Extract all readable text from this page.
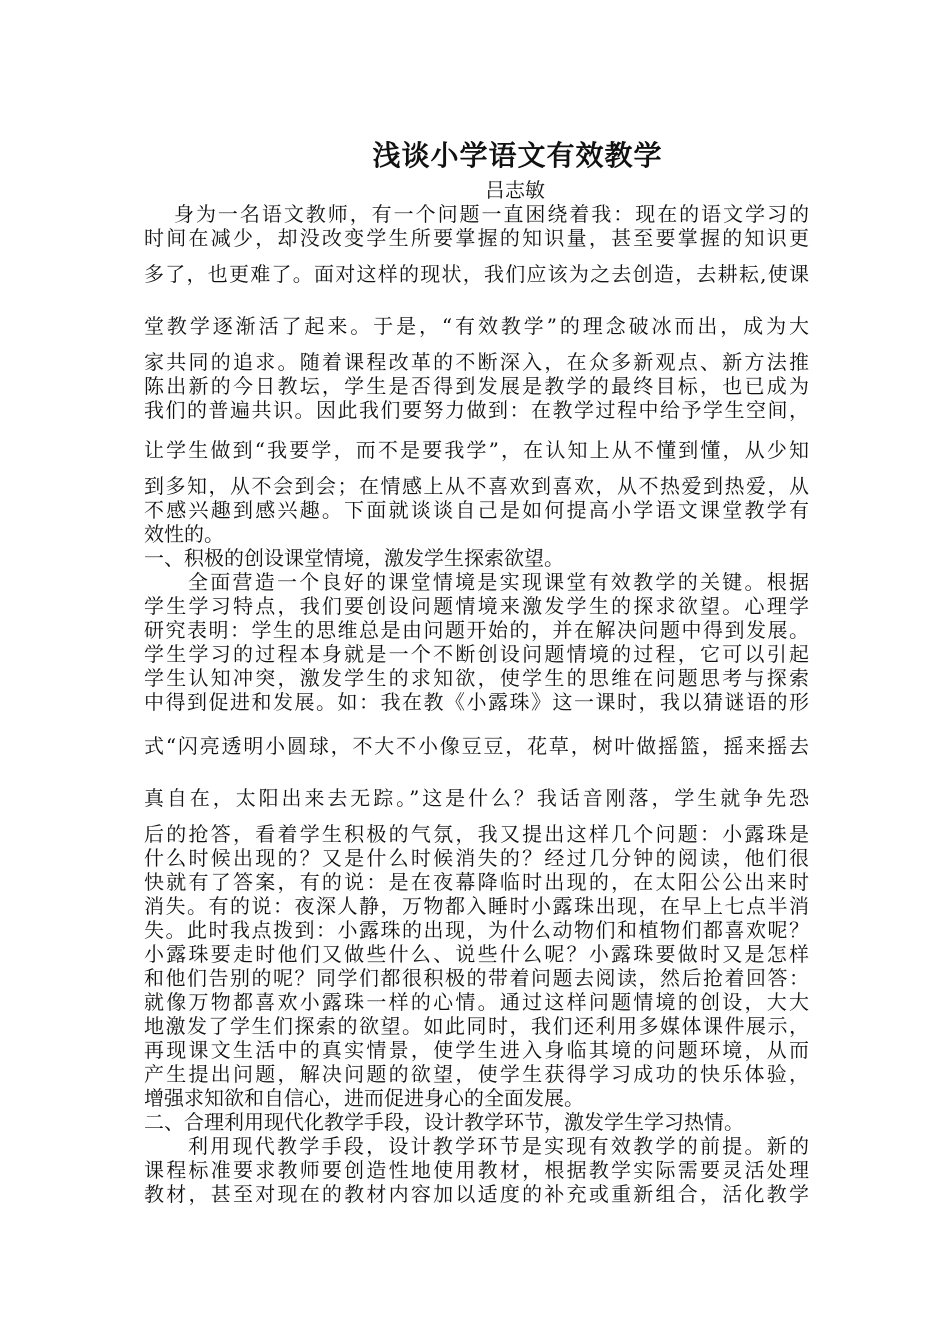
浅谈小学语文有效教学
吕志敏
身为一名语文教师，有一个问题一直困绕着我：现在的语文学习的
时间在减少，却没改变学生所要掌握的知识量，甚至要掌握的知识更
多了，也更难了。面对这样的现状，我们应该为之去创造，去耕耘,使课
堂教学逐渐活了起来。于是，“有效教学”的理念破冰而出，成为大
家共同的追求。随着课程改革的不断深入，在众多新观点、新方法推
陈出新的今日教坛，学生是否得到发展是教学的最终目标，也已成为
我们的普遍共识。因此我们要努力做到：在教学过程中给予学生空间，
让学生做到“我要学，而不是要我学”，在认知上从不懂到懂，从少知
到多知，从不会到会；在情感上从不喜欢到喜欢，从不热爱到热爱，从
不感兴趣到感兴趣。下面就谈谈自己是如何提高小学语文课堂教学有
效性的。
一、积极的创设课堂情境，激发学生探索欲望。
全面营造一个良好的课堂情境是实现课堂有效教学的关键。根据
学生学习特点，我们要创设问题情境来激发学生的探求欲望。心理学
研究表明：学生的思维总是由问题开始的，并在解决问题中得到发展。
学生学习的过程本身就是一个不断创设问题情境的过程，它可以引起
学生认知冲突，激发学生的求知欲，使学生的思维在问题思考与探索
中得到促进和发展。如：我在教《小露珠》这一课时，我以猜谜语的形
式“闪亮透明小圆球，不大不小像豆豆，花草，树叶做摇篮，摇来摇去
真自在，太阳出来去无踪。”这是什么？我话音刚落，学生就争先恐
后的抢答，看着学生积极的气氛，我又提出这样几个问题：小露珠是
什么时候出现的？又是什么时候消失的？经过几分钟的阅读，他们很
快就有了答案，有的说：是在夜幕降临时出现的，在太阳公公出来时
消失。有的说：夜深人静，万物都入睡时小露珠出现，在早上七点半消
失。此时我点拨到：小露珠的出现，为什么动物们和植物们都喜欢呢？
小露珠要走时他们又做些什么、说些什么呢？小露珠要做时又是怎样
和他们告别的呢？同学们都很积极的带着问题去阅读，然后抢着回答：
就像万物都喜欢小露珠一样的心情。通过这样问题情境的创设，大大
地激发了学生们探索的欲望。如此同时，我们还利用多媒体课件展示，
再现课文生活中的真实情景，使学生进入身临其境的问题环境，从而
产生提出问题，解决问题的欲望，使学生获得学习成功的快乐体验，
增强求知欲和自信心，进而促进身心的全面发展。
二、合理利用现代化教学手段，设计教学环节，激发学生学习热情。
利用现代教学手段，设计教学环节是实现有效教学的前提。新的
课程标准要求教师要创造性地使用教材，根据教学实际需要灵活处理
教材，甚至对现在的教材内容加以适度的补充或重新组合，活化教学
